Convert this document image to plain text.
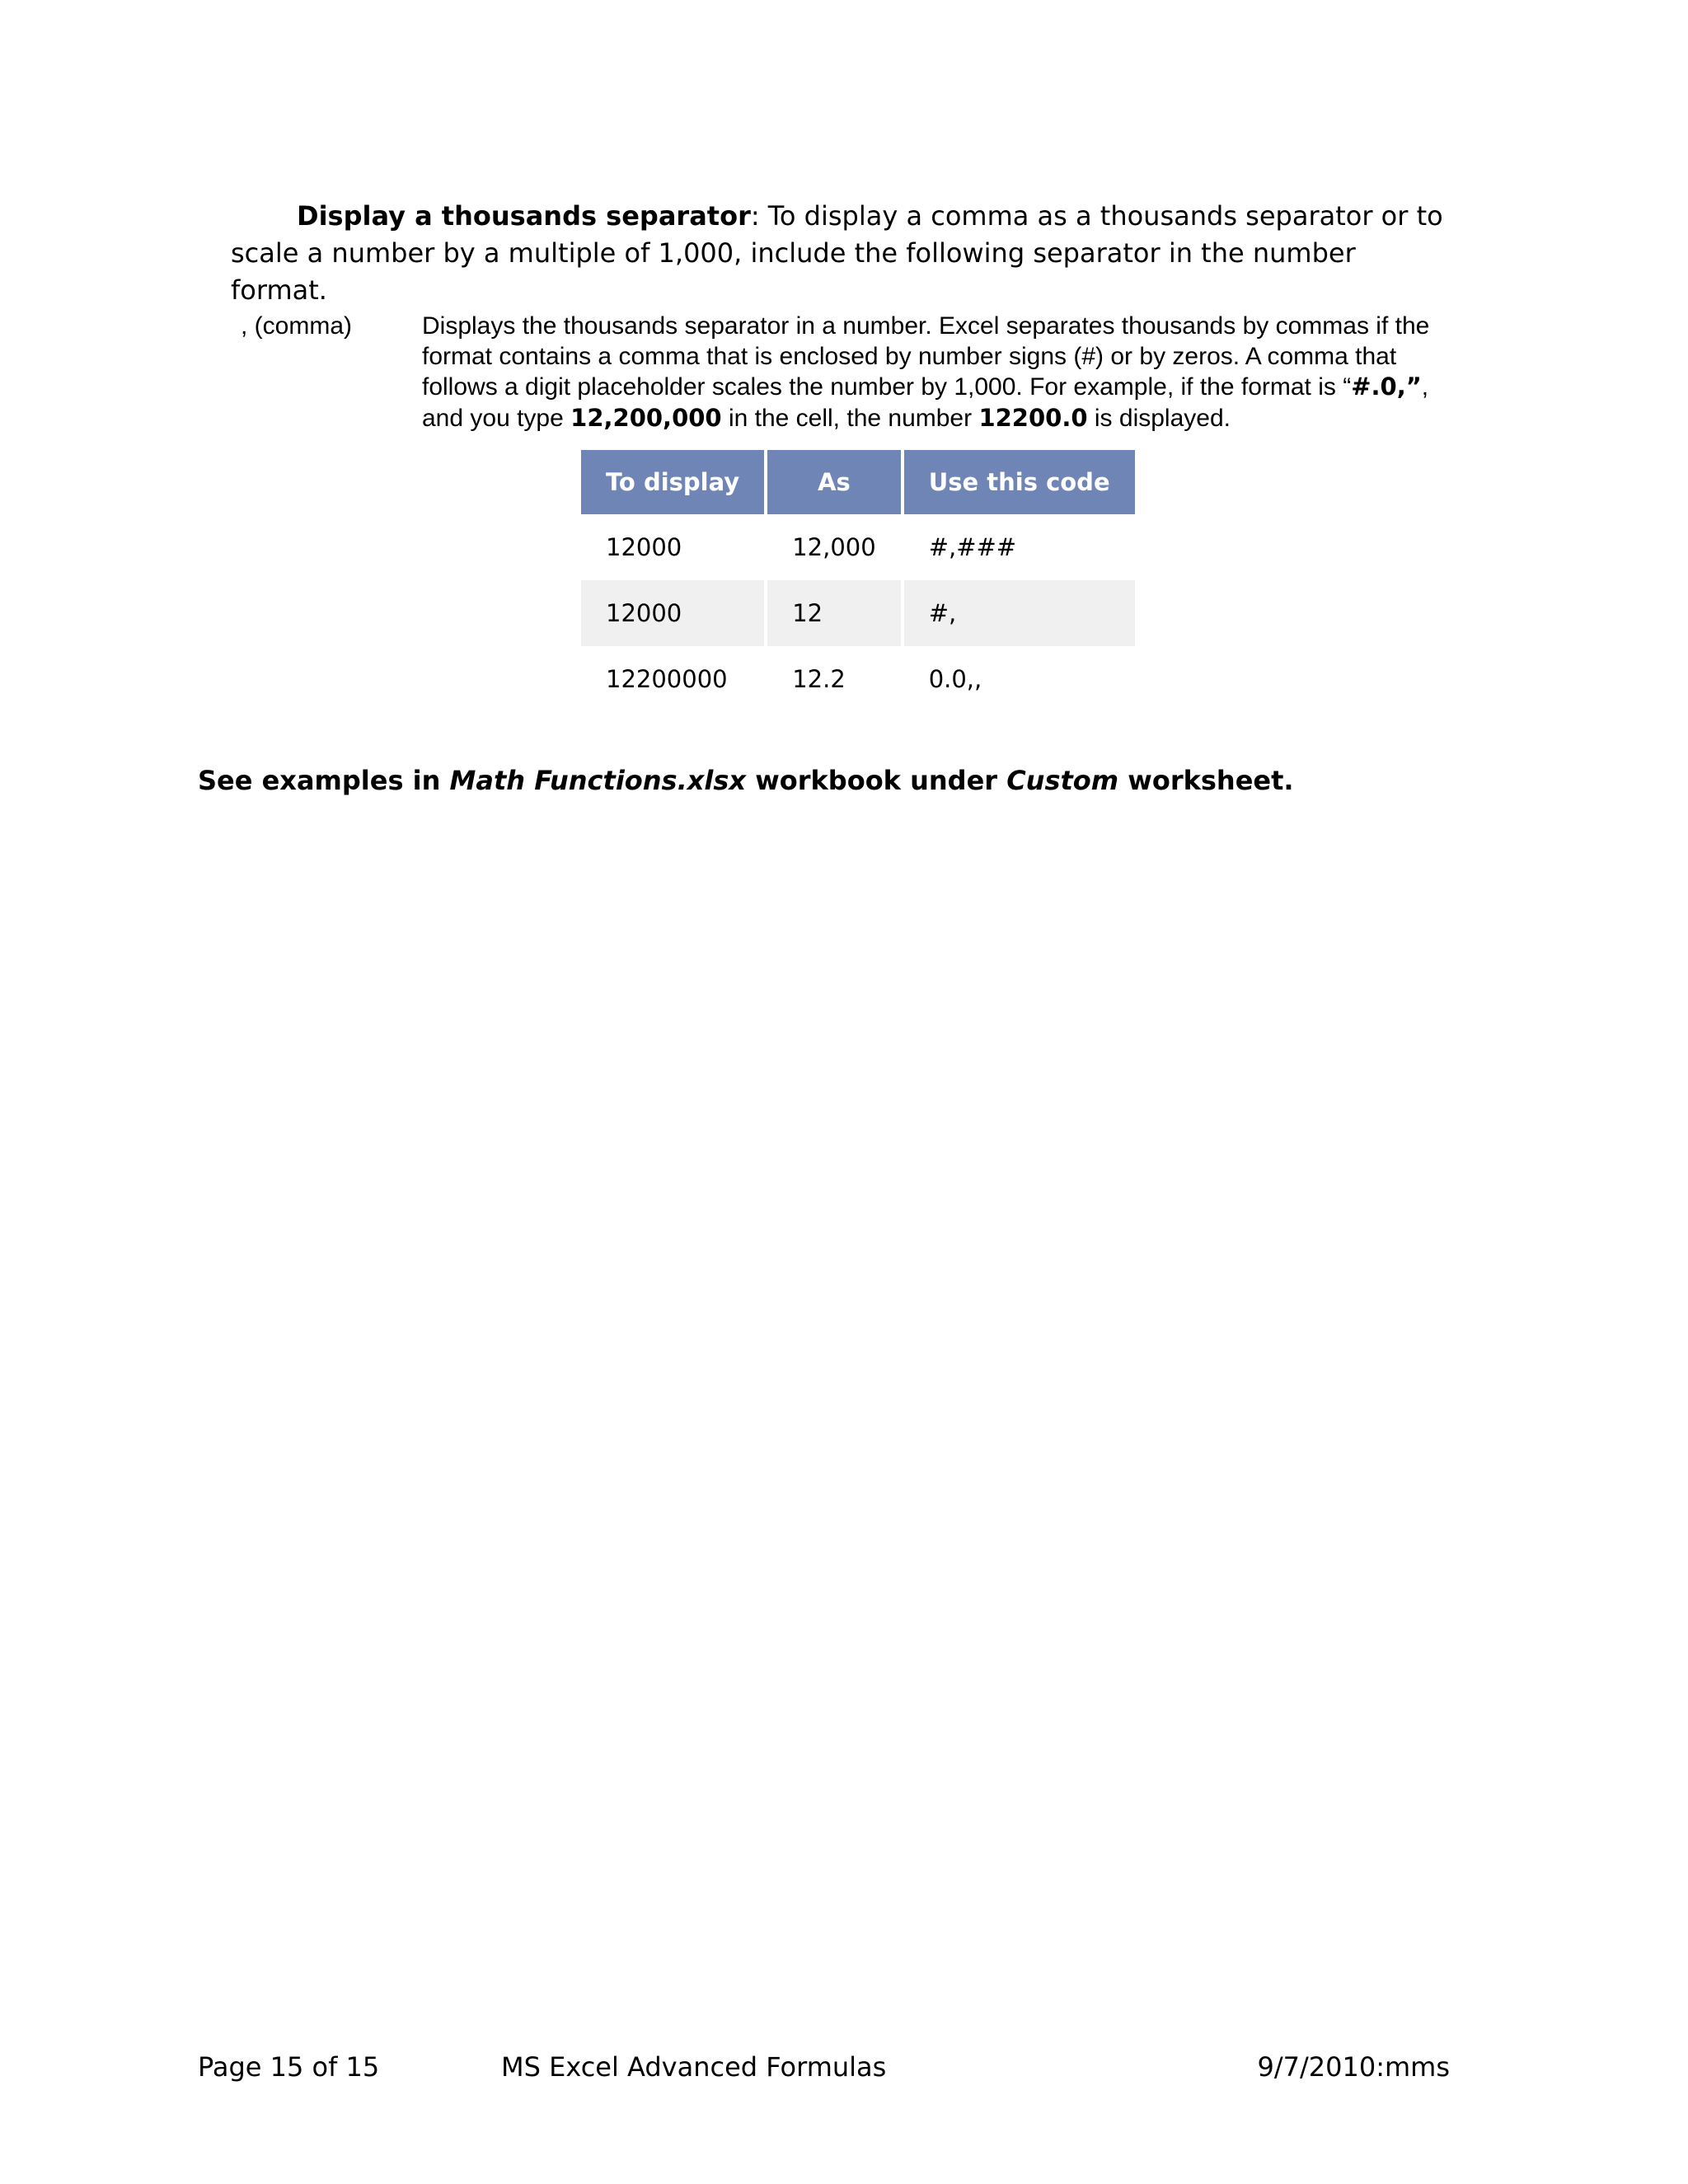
Display a thousands separator: To display a comma as a thousands separator or to scale a number by a multiple of 1,000, include the following separator in the number format.

, (comma)	Displays the thousands separator in a number. Excel separates thousands by commas if the format contains a comma that is enclosed by number signs (#) or by zeros. A comma that follows a digit placeholder scales the number by 1,000. For example, if the format is “#.0,”, and you type 12,200,000 in the cell, the number 12200.0 is displayed.

To display	As	Use this code
12000	12,000	#,###
12000	12	#,
12200000	12.2	0.0,,

See examples in Math Functions.xlsx workbook under Custom worksheet.

Page 15 of 15	MS Excel Advanced Formulas	9/7/2010:mms
